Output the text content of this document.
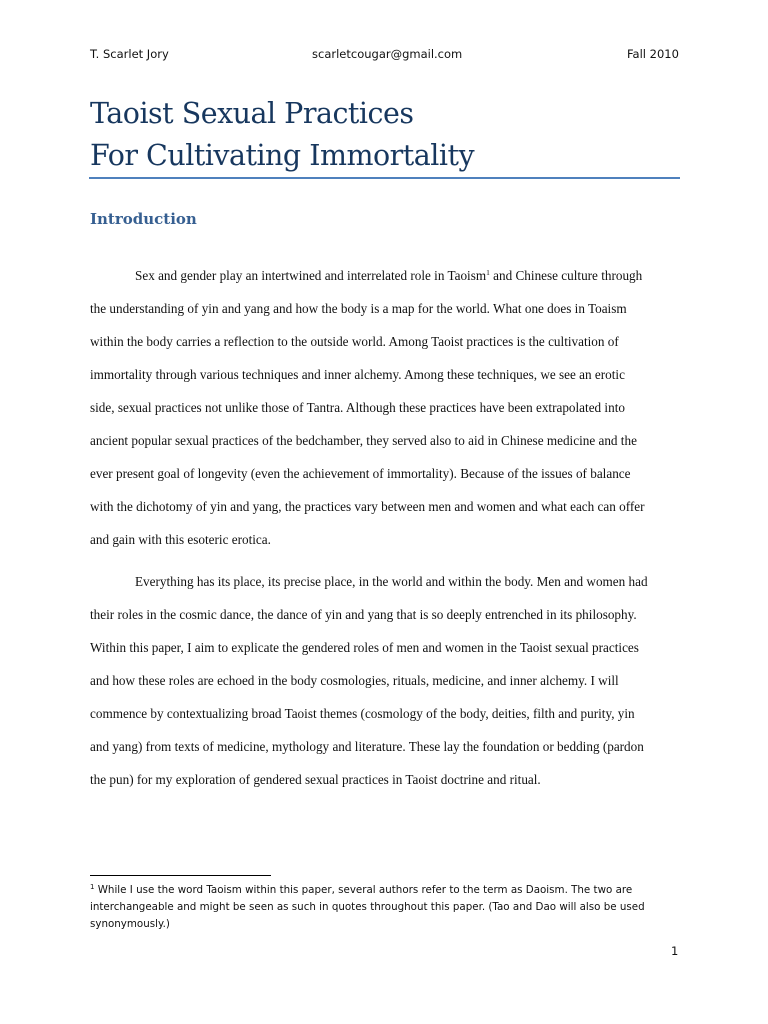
T. Scarlet Jory	scarletcougar@gmail.com	Fall 2010
Taoist Sexual Practices
For Cultivating Immortality
Introduction
Sex and gender play an intertwined and interrelated role in Taoism$^1$ and Chinese culture through
the understanding of yin and yang and how the body is a map for the world. What one does in Toaism
within the body carries a reflection to the outside world. Among Taoist practices is the cultivation of
immortality through various techniques and inner alchemy. Among these techniques, we see an erotic
side, sexual practices not unlike those of Tantra. Although these practices have been extrapolated into
ancient popular sexual practices of the bedchamber, they served also to aid in Chinese medicine and the
ever present goal of longevity (even the achievement of immortality). Because of the issues of balance
with the dichotomy of yin and yang, the practices vary between men and women and what each can offer
and gain with this esoteric erotica.
Everything has its place, its precise place, in the world and within the body. Men and women had
their roles in the cosmic dance, the dance of yin and yang that is so deeply entrenched in its philosophy.
Within this paper, I aim to explicate the gendered roles of men and women in the Taoist sexual practices
and how these roles are echoed in the body cosmologies, rituals, medicine, and inner alchemy. I will
commence by contextualizing broad Taoist themes (cosmology of the body, deities, filth and purity, yin
and yang) from texts of medicine, mythology and literature. These lay the foundation or bedding (pardon
the pun) for my exploration of gendered sexual practices in Taoist doctrine and ritual.
$^1$ While I use the word Taoism within this paper, several authors refer to the term as Daoism. The two are
interchangeable and might be seen as such in quotes throughout this paper. (Tao and Dao will also be used
synonymously.)
1
